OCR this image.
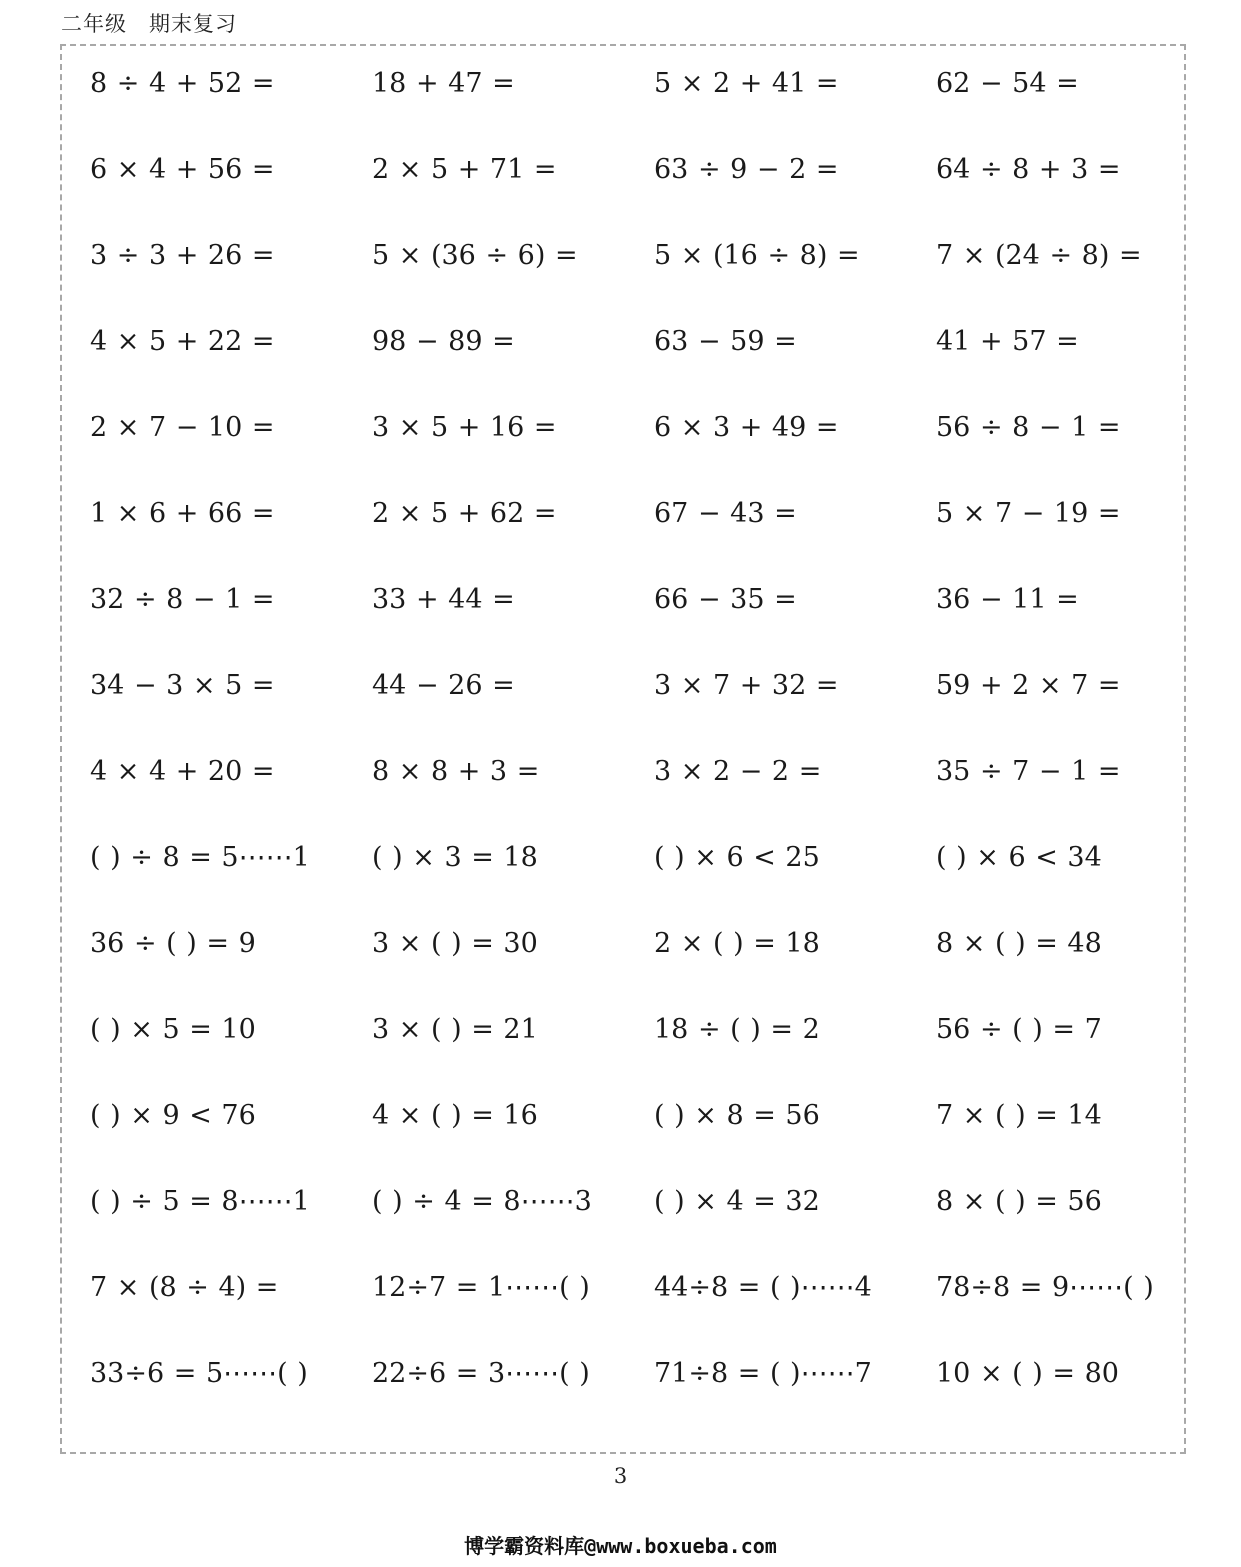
二年级 期末复习
8 ÷ 4 + 52 =	18 + 47 =	5 × 2 + 41 =	62 − 54 =
6 × 4 + 56 =	2 × 5 + 71 =	63 ÷ 9 − 2 =	64 ÷ 8 + 3 =
3 ÷ 3 + 26 =	5 × (36 ÷ 6) =	5 × (16 ÷ 8) =	7 × (24 ÷ 8) =
4 × 5 + 22 =	98 − 89 =	63 − 59 =	41 + 57 =
2 × 7 − 10 =	3 × 5 + 16 =	6 × 3 + 49 =	56 ÷ 8 − 1 =
1 × 6 + 66 =	2 × 5 + 62 =	67 − 43 =	5 × 7 − 19 =
32 ÷ 8 − 1 =	33 + 44 =	66 − 35 =	36 − 11 =
34 − 3 × 5 =	44 − 26 =	3 × 7 + 32 =	59 + 2 × 7 =
4 × 4 + 20 =	8 × 8 + 3 =	3 × 2 − 2 =	35 ÷ 7 − 1 =
( ) ÷ 8 = 5⋯⋯1	( ) × 3 = 18	( ) × 6 < 25	( ) × 6 < 34
36 ÷ ( ) = 9	3 × ( ) = 30	2 × ( ) = 18	8 × ( ) = 48
( ) × 5 = 10	3 × ( ) = 21	18 ÷ ( ) = 2	56 ÷ ( ) = 7
( ) × 9 < 76	4 × ( ) = 16	( ) × 8 = 56	7 × ( ) = 14
( ) ÷ 5 = 8⋯⋯1	( ) ÷ 4 = 8⋯⋯3	( ) × 4 = 32	8 × ( ) = 56
7 × (8 ÷ 4) =	12÷7 = 1⋯⋯( )	44÷8 = ( )⋯⋯4	78÷8 = 9⋯⋯( )
33÷6 = 5⋯⋯( )	22÷6 = 3⋯⋯( )	71÷8 = ( )⋯⋯7	10 × ( ) = 80
3
博学霸资料库@www.boxueba.com
